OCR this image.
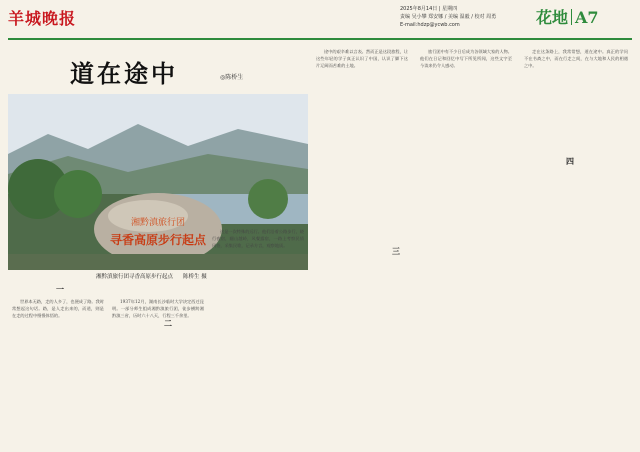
羊城晚报	2025年8月14日 | 星期四
责编 吴小攀 郑安娜 / 美编 温毅 / 校对 周勇
E-mail:hdzp@ycwb.com	花地 A7
道在途中	◎陈桥生
湘黔滇旅行团
寻香高原步行起点
湘黔滇旅行团寻香高原步行起点 陈桥生 摄
一
三
四
二

世界本无路，走的人多了，也便成了路。我时常想起这句话。路，是人走出来的，而道，则是在走的过程中慢慢体悟的。

1937年12月，湖南长沙临时大学决定西迁昆明。一部分师生组成湘黔滇旅行团，徒步横跨湘黔滇三省，历时六十八天，行程三千余里。

这是一次特殊的远行。他们沿着公路步行，晓行夜宿，翻山越岭，风餐露宿，一路上考察民情风俗，采集民歌，记录方言，观察地质。

途中的艰辛难以言表。然而正是这段旅程，让这些年轻的学子真正认识了中国，认识了脚下这片辽阔而苦难的土地。

旅行团中有不少日后成为各领域大家的人物。他们在日记和回忆中写下所见所闻，这些文字至今读来仍令人感动。

走在这条路上，我常常想，道在途中。真正的学问不在书斋之中，而在行走之间，在与大地和人民的相遇之中。
